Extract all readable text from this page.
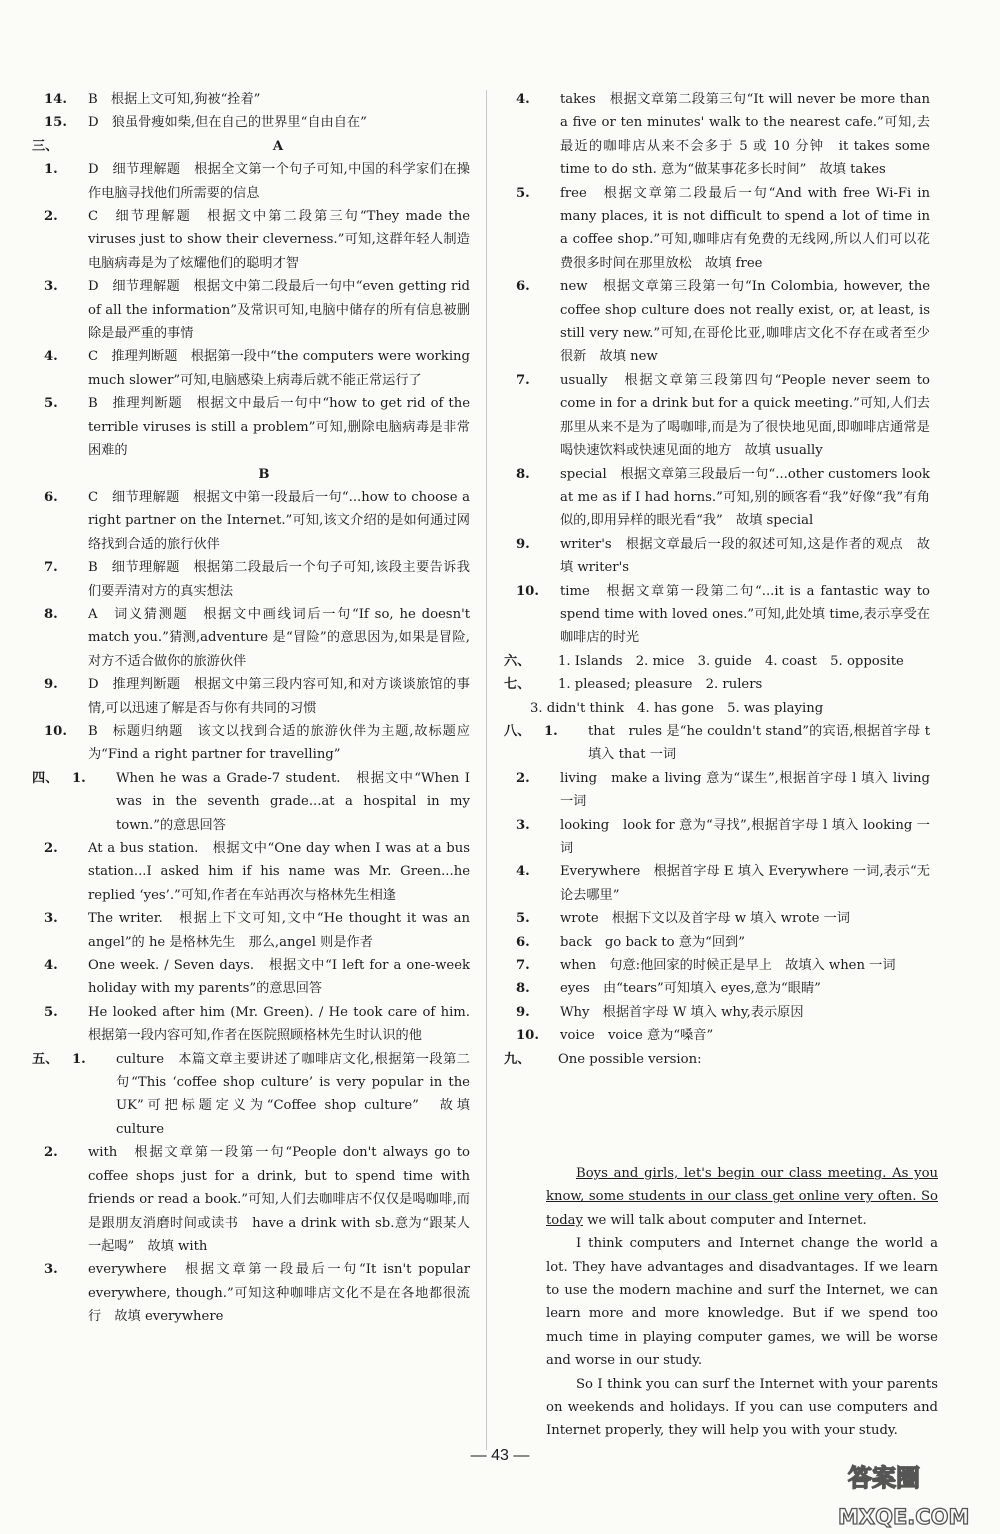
14. B　根据上文可知,狗被“拴着”
15. D　狼虽骨瘦如柴,但在自己的世界里“自由自在”
三、	A
1. D　细节理解题　根据全文第一个句子可知,中国的科学家们在操作电脑寻找他们所需要的信息
2. C　细节理解题　根据文中第二段第三句“They made the viruses just to show their cleverness.”可知,这群年轻人制造电脑病毒是为了炫耀他们的聪明才智
3. D　细节理解题　根据文中第二段最后一句中“even getting rid of all the information”及常识可知,电脑中储存的所有信息被删除是最严重的事情
4. C　推理判断题　根据第一段中“the computers were working much slower”可知,电脑感染上病毒后就不能正常运行了
5. B　推理判断题　根据文中最后一句中“how to get rid of the terrible viruses is still a problem”可知,删除电脑病毒是非常困难的
B
6. C　细节理解题　根据文中第一段最后一句“...how to choose a right partner on the Internet.”可知,该文介绍的是如何通过网络找到合适的旅行伙伴
7. B　细节理解题　根据第二段最后一个句子可知,该段主要告诉我们要弄清对方的真实想法
8. A　词义猜测题　根据文中画线词后一句“If so, he doesn't match you.”猜测,adventure 是“冒险”的意思因为,如果是冒险,对方不适合做你的旅游伙伴
9. D　推理判断题　根据文中第三段内容可知,和对方谈谈旅馆的事情,可以迅速了解是否与你有共同的习惯
10. B　标题归纳题　该文以找到合适的旅游伙伴为主题,故标题应为“Find a right partner for travelling”
四、 1. When he was a Grade-7 student.　根据文中“When I was in the seventh grade...at a hospital in my town.”的意思回答
2. At a bus station.　根据文中“One day when I was at a bus station...I asked him if his name was Mr. Green...he replied ‘yes’.”可知,作者在车站再次与格林先生相逢
3. The writer.　根据上下文可知,文中“He thought it was an angel”的 he 是格林先生　那么,angel 则是作者
4. One week. / Seven days.　根据文中“I left for a one-week holiday with my parents”的意思回答
5. He looked after him (Mr. Green). / He took care of him.　根据第一段内容可知,作者在医院照顾格林先生时认识的他
五、 1. culture　本篇文章主要讲述了咖啡店文化,根据第一段第二句“This ‘coffee shop culture’ is very popular in the UK”可把标题定义为“Coffee shop culture”　故填 culture
2. with　根据文章第一段第一句“People don't always go to coffee shops just for a drink, but to spend time with friends or read a book.”可知,人们去咖啡店不仅仅是喝咖啡,而是跟朋友消磨时间或读书　have a drink with sb.意为“跟某人一起喝”　故填 with
3. everywhere　根据文章第一段最后一句“It isn't popular everywhere, though.”可知这种咖啡店文化不是在各地都很流行　故填 everywhere
4. takes　根据文章第二段第三句“It will never be more than a five or ten minutes' walk to the nearest cafe.”可知,去最近的咖啡店从来不会多于 5 或 10 分钟　it takes some time to do sth. 意为“做某事花多长时间”　故填 takes
5. free　根据文章第二段最后一句“And with free Wi-Fi in many places, it is not difficult to spend a lot of time in a coffee shop.”可知,咖啡店有免费的无线网,所以人们可以花费很多时间在那里放松　故填 free
6. new　根据文章第三段第一句“In Colombia, however, the coffee shop culture does not really exist, or, at least, is still very new.”可知,在哥伦比亚,咖啡店文化不存在或者至少很新　故填 new
7. usually　根据文章第三段第四句“People never seem to come in for a drink but for a quick meeting.”可知,人们去那里从来不是为了喝咖啡,而是为了很快地见面,即咖啡店通常是喝快速饮料或快速见面的地方　故填 usually
8. special　根据文章第三段最后一句“...other customers look at me as if I had horns.”可知,别的顾客看“我”好像“我”有角似的,即用异样的眼光看“我”　故填 special
9. writer's　根据文章最后一段的叙述可知,这是作者的观点　故填 writer's
10. time　根据文章第一段第二句“...it is a fantastic way to spend time with loved ones.”可知,此处填 time,表示享受在咖啡店的时光
六、 1. Islands　2. mice　3. guide　4. coast　5. opposite
七、 1. pleased; pleasure　2. rulers
3. didn't think　4. has gone　5. was playing
八、 1. that　rules 是“he couldn't stand”的宾语,根据首字母 t 填入 that 一词
2. living　make a living 意为“谋生”,根据首字母 l 填入 living 一词
3. looking　look for 意为“寻找”,根据首字母 l 填入 looking 一词
4. Everywhere　根据首字母 E 填入 Everywhere 一词,表示“无论去哪里”
5. wrote　根据下文以及首字母 w 填入 wrote 一词
6. back　go back to 意为“回到”
7. when　句意:他回家的时候正是早上　故填入 when 一词
8. eyes　由“tears”可知填入 eyes,意为“眼睛”
9. Why　根据首字母 W 填入 why,表示原因
10. voice　voice 意为“嗓音”
九、 One possible version:

Boys and girls, let's begin our class meeting. As you know, some students in our class get online very often. So today we will talk about computer and Internet.

I think computers and Internet change the world a lot. They have advantages and disadvantages. If we learn to use the modern machine and surf the Internet, we can learn more and more knowledge. But if we spend too much time in playing computer games, we will be worse and worse in our study.

So I think you can surf the Internet with your parents on weekends and holidays. If you can use computers and Internet properly, they will help you with your study.

— 43 —
答案圈
MXQE.COM
